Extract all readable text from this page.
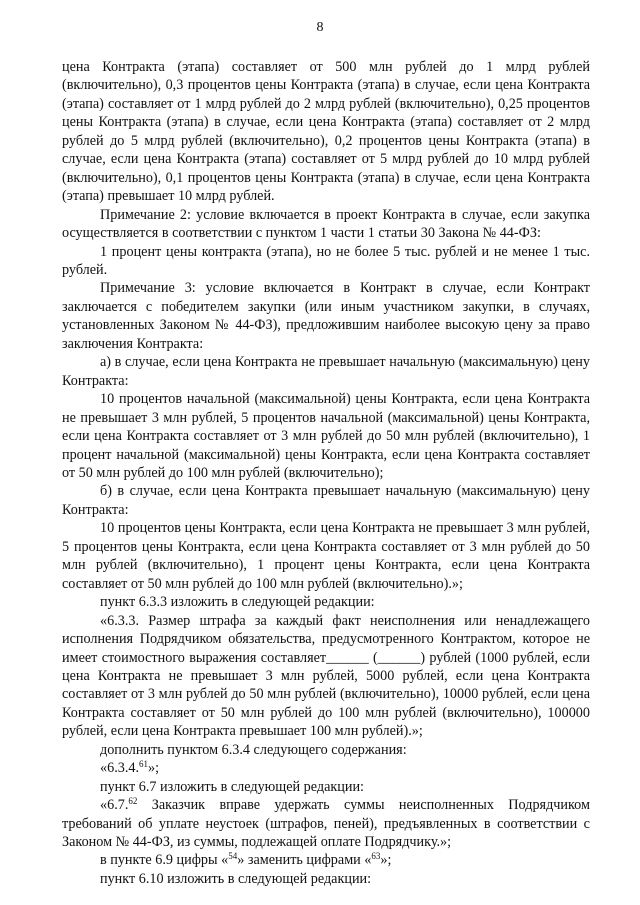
8

цена Контракта (этапа) составляет от 500 млн рублей до 1 млрд рублей (включительно), 0,3 процентов цены Контракта (этапа) в случае, если цена Контракта (этапа) составляет от 1 млрд рублей до 2 млрд рублей (включительно), 0,25 процентов цены Контракта (этапа) в случае, если цена Контракта (этапа) составляет от 2 млрд рублей до 5 млрд рублей (включительно), 0,2 процентов цены Контракта (этапа) в случае, если цена Контракта (этапа) составляет от 5 млрд рублей до 10 млрд рублей (включительно), 0,1 процентов цены Контракта (этапа) в случае, если цена Контракта (этапа) превышает 10 млрд рублей.

Примечание 2: условие включается в проект Контракта в случае, если закупка осуществляется в соответствии с пунктом 1 части 1 статьи 30 Закона № 44-ФЗ:

1 процент цены контракта (этапа), но не более 5 тыс. рублей и не менее 1 тыс. рублей.

Примечание 3: условие включается в Контракт в случае, если Контракт заключается с победителем закупки (или иным участником закупки, в случаях, установленных Законом № 44-ФЗ), предложившим наиболее высокую цену за право заключения Контракта:

а) в случае, если цена Контракта не превышает начальную (максимальную) цену Контракта:

10 процентов начальной (максимальной) цены Контракта, если цена Контракта не превышает 3 млн рублей, 5 процентов начальной (максимальной) цены Контракта, если цена Контракта составляет от 3 млн рублей до 50 млн рублей (включительно), 1 процент начальной (максимальной) цены Контракта, если цена Контракта составляет от 50 млн рублей до 100 млн рублей (включительно);

б) в случае, если цена Контракта превышает начальную (максимальную) цену Контракта:

10 процентов цены Контракта, если цена Контракта не превышает 3 млн рублей, 5 процентов цены Контракта, если цена Контракта составляет от 3 млн рублей до 50 млн рублей (включительно), 1 процент цены Контракта, если цена Контракта составляет от 50 млн рублей до 100 млн рублей (включительно).»;

пункт 6.3.3 изложить в следующей редакции:

«6.3.3. Размер штрафа за каждый факт неисполнения или ненадлежащего исполнения Подрядчиком обязательства, предусмотренного Контрактом, которое не имеет стоимостного выражения составляет______ (______) рублей (1000 рублей, если цена Контракта не превышает 3 млн рублей, 5000 рублей, если цена Контракта составляет от 3 млн рублей до 50 млн рублей (включительно), 10000 рублей, если цена Контракта составляет от 50 млн рублей до 100 млн рублей (включительно), 100000 рублей, если цена Контракта превышает 100 млн рублей).»;

дополнить пунктом 6.3.4 следующего содержания:

«6.3.4.61»;

пункт 6.7 изложить в следующей редакции:

«6.7.62 Заказчик вправе удержать суммы неисполненных Подрядчиком требований об уплате неустоек (штрафов, пеней), предъявленных в соответствии с Законом № 44-ФЗ, из суммы, подлежащей оплате Подрядчику.»;

в пункте 6.9 цифры «$^{54}$» заменить цифрами «$^{63}$»;

пункт 6.10 изложить в следующей редакции:
